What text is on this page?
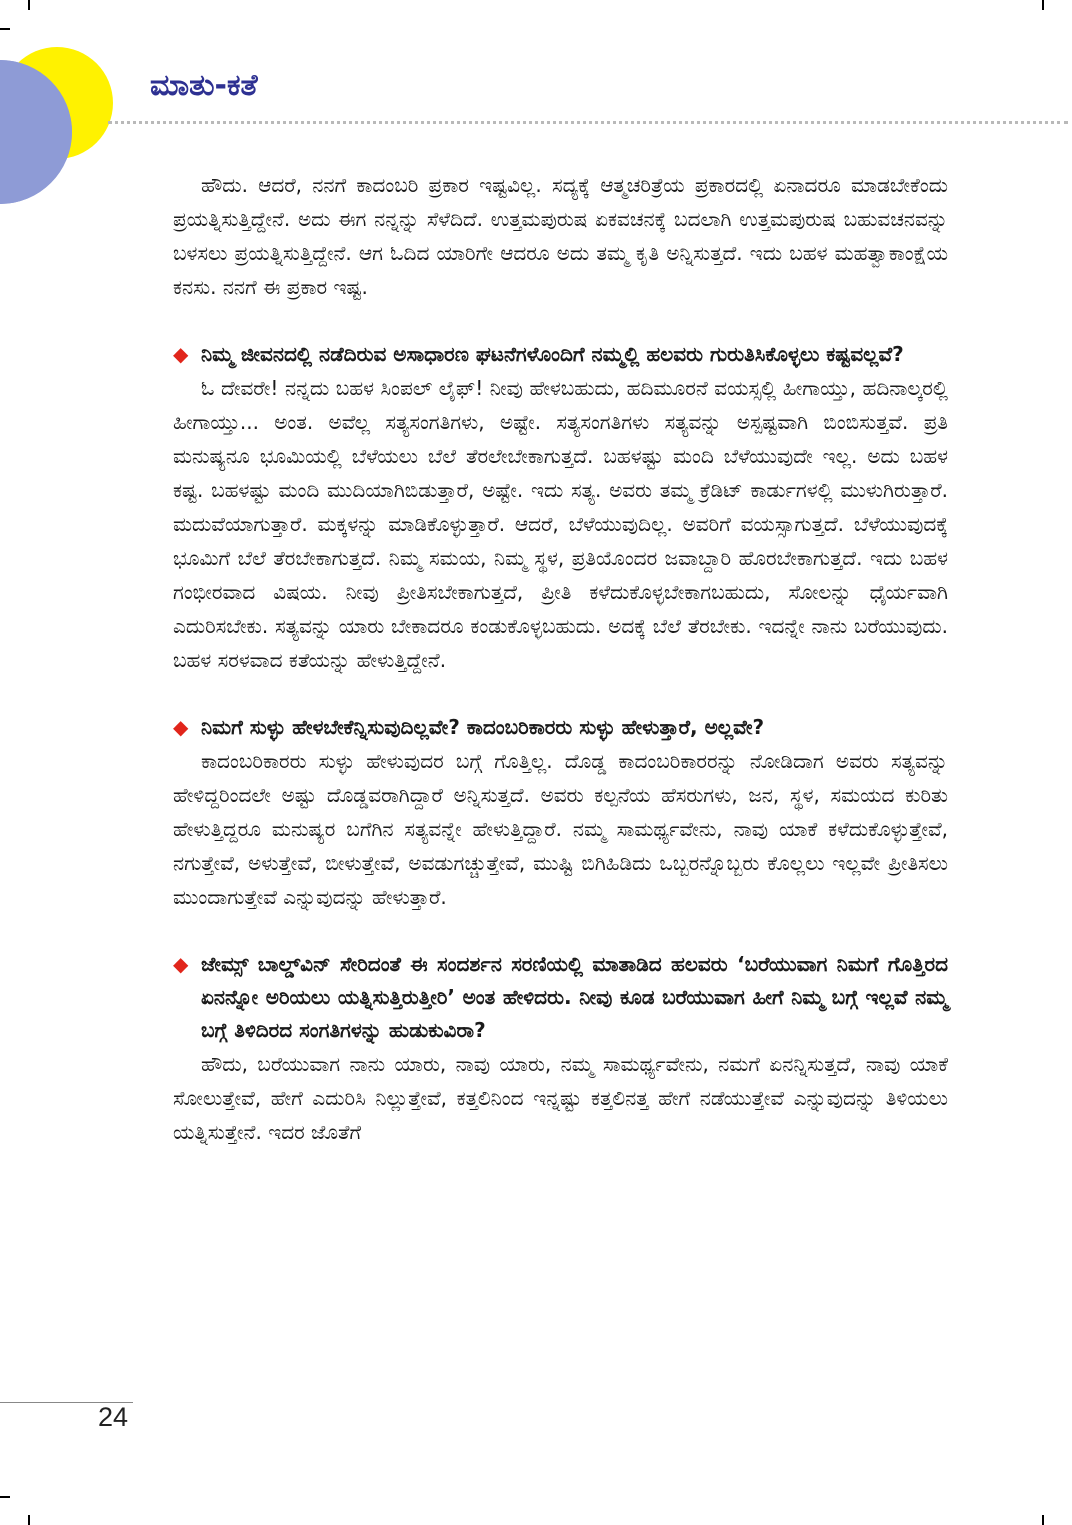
ಮಾತು-ಕತೆ

ಹೌದು. ಆದರೆ, ನನಗೆ ಕಾದಂಬರಿ ಪ್ರಕಾರ ಇಷ್ಟವಿಲ್ಲ. ಸದ್ಯಕ್ಕೆ ಆತ್ಮಚರಿತ್ರೆಯ ಪ್ರಕಾರದಲ್ಲಿ ಏನಾದರೂ ಮಾಡಬೇಕೆಂದು ಪ್ರಯತ್ನಿಸುತ್ತಿದ್ದೇನೆ. ಅದು ಈಗ ನನ್ನನ್ನು ಸೆಳೆದಿದೆ. ಉತ್ತಮಪುರುಷ ಏಕವಚನಕ್ಕೆ ಬದಲಾಗಿ ಉತ್ತಮಪುರುಷ ಬಹುವಚನವನ್ನು ಬಳಸಲು ಪ್ರಯತ್ನಿಸುತ್ತಿದ್ದೇನೆ. ಆಗ ಓದಿದ ಯಾರಿಗೇ ಆದರೂ ಅದು ತಮ್ಮ ಕೃತಿ ಅನ್ನಿಸುತ್ತದೆ. ಇದು ಬಹಳ ಮಹತ್ವಾಕಾಂಕ್ಷೆಯ ಕನಸು. ನನಗೆ ಈ ಪ್ರಕಾರ ಇಷ್ಟ.

◆ ನಿಮ್ಮ ಜೀವನದಲ್ಲಿ ನಡೆದಿರುವ ಅಸಾಧಾರಣ ಘಟನೆಗಳೊಂದಿಗೆ ನಮ್ಮಲ್ಲಿ ಹಲವರು ಗುರುತಿಸಿಕೊಳ್ಳಲು ಕಷ್ಟವಲ್ಲವೆ?

ಓ ದೇವರೇ! ನನ್ನದು ಬಹಳ ಸಿಂಪಲ್ ಲೈಫ್! ನೀವು ಹೇಳಬಹುದು, ಹದಿಮೂರನೆ ವಯಸ್ಸಲ್ಲಿ ಹೀಗಾಯ್ತು, ಹದಿನಾಲ್ಕರಲ್ಲಿ ಹೀಗಾಯ್ತು... ಅಂತ. ಅವೆಲ್ಲ ಸತ್ಯಸಂಗತಿಗಳು, ಅಷ್ಟೇ. ಸತ್ಯಸಂಗತಿಗಳು ಸತ್ಯವನ್ನು ಅಸ್ಪಷ್ಟವಾಗಿ ಬಿಂಬಿಸುತ್ತವೆ. ಪ್ರತಿ ಮನುಷ್ಯನೂ ಭೂಮಿಯಲ್ಲಿ ಬೆಳೆಯಲು ಬೆಲೆ ತೆರಲೇಬೇಕಾಗುತ್ತದೆ. ಬಹಳಷ್ಟು ಮಂದಿ ಬೆಳೆಯುವುದೇ ಇಲ್ಲ. ಅದು ಬಹಳ ಕಷ್ಟ. ಬಹಳಷ್ಟು ಮಂದಿ ಮುದಿಯಾಗಿಬಿಡುತ್ತಾರೆ, ಅಷ್ಟೇ. ಇದು ಸತ್ಯ. ಅವರು ತಮ್ಮ ಕ್ರೆಡಿಟ್ ಕಾರ್ಡುಗಳಲ್ಲಿ ಮುಳುಗಿರುತ್ತಾರೆ. ಮದುವೆಯಾಗುತ್ತಾರೆ. ಮಕ್ಕಳನ್ನು ಮಾಡಿಕೊಳ್ಳುತ್ತಾರೆ. ಆದರೆ, ಬೆಳೆಯುವುದಿಲ್ಲ. ಅವರಿಗೆ ವಯಸ್ಸಾಗುತ್ತದೆ. ಬೆಳೆಯುವುದಕ್ಕೆ ಭೂಮಿಗೆ ಬೆಲೆ ತೆರಬೇಕಾಗುತ್ತದೆ. ನಿಮ್ಮ ಸಮಯ, ನಿಮ್ಮ ಸ್ಥಳ, ಪ್ರತಿಯೊಂದರ ಜವಾಬ್ದಾರಿ ಹೊರಬೇಕಾಗುತ್ತದೆ. ಇದು ಬಹಳ ಗಂಭೀರವಾದ ವಿಷಯ. ನೀವು ಪ್ರೀತಿಸಬೇಕಾಗುತ್ತದೆ, ಪ್ರೀತಿ ಕಳೆದುಕೊಳ್ಳಬೇಕಾಗಬಹುದು, ಸೋಲನ್ನು ಧೈರ್ಯವಾಗಿ ಎದುರಿಸಬೇಕು. ಸತ್ಯವನ್ನು ಯಾರು ಬೇಕಾದರೂ ಕಂಡುಕೊಳ್ಳಬಹುದು. ಅದಕ್ಕೆ ಬೆಲೆ ತೆರಬೇಕು. ಇದನ್ನೇ ನಾನು ಬರೆಯುವುದು. ಬಹಳ ಸರಳವಾದ ಕತೆಯನ್ನು ಹೇಳುತ್ತಿದ್ದೇನೆ.

◆ ನಿಮಗೆ ಸುಳ್ಳು ಹೇಳಬೇಕೆನ್ನಿಸುವುದಿಲ್ಲವೇ? ಕಾದಂಬರಿಕಾರರು ಸುಳ್ಳು ಹೇಳುತ್ತಾರೆ, ಅಲ್ಲವೇ?

ಕಾದಂಬರಿಕಾರರು ಸುಳ್ಳು ಹೇಳುವುದರ ಬಗ್ಗೆ ಗೊತ್ತಿಲ್ಲ. ದೊಡ್ಡ ಕಾದಂಬರಿಕಾರರನ್ನು ನೋಡಿದಾಗ ಅವರು ಸತ್ಯವನ್ನು ಹೇಳಿದ್ದರಿಂದಲೇ ಅಷ್ಟು ದೊಡ್ಡವರಾಗಿದ್ದಾರೆ ಅನ್ನಿಸುತ್ತದೆ. ಅವರು ಕಲ್ಪನೆಯ ಹೆಸರುಗಳು, ಜನ, ಸ್ಥಳ, ಸಮಯದ ಕುರಿತು ಹೇಳುತ್ತಿದ್ದರೂ ಮನುಷ್ಯರ ಬಗೆಗಿನ ಸತ್ಯವನ್ನೇ ಹೇಳುತ್ತಿದ್ದಾರೆ. ನಮ್ಮ ಸಾಮರ್ಥ್ಯವೇನು, ನಾವು ಯಾಕೆ ಕಳೆದುಕೊಳ್ಳುತ್ತೇವೆ, ನಗುತ್ತೇವೆ, ಅಳುತ್ತೇವೆ, ಬೀಳುತ್ತೇವೆ, ಅವಡುಗಚ್ಚುತ್ತೇವೆ, ಮುಷ್ಟಿ ಬಿಗಿಹಿಡಿದು ಒಬ್ಬರನ್ನೊಬ್ಬರು ಕೊಲ್ಲಲು ಇಲ್ಲವೇ ಪ್ರೀತಿಸಲು ಮುಂದಾಗುತ್ತೇವೆ ಎನ್ನುವುದನ್ನು ಹೇಳುತ್ತಾರೆ.

◆ ಜೇಮ್ಸ್ ಬಾಲ್ಡ್‌ವಿನ್ ಸೇರಿದಂತೆ ಈ ಸಂದರ್ಶನ ಸರಣಿಯಲ್ಲಿ ಮಾತಾಡಿದ ಹಲವರು ‘ಬರೆಯುವಾಗ ನಿಮಗೆ ಗೊತ್ತಿರದ ಏನನ್ನೋ ಅರಿಯಲು ಯತ್ನಿಸುತ್ತಿರುತ್ತೀರಿ’ ಅಂತ ಹೇಳಿದರು. ನೀವು ಕೂಡ ಬರೆಯುವಾಗ ಹೀಗೆ ನಿಮ್ಮ ಬಗ್ಗೆ ಇಲ್ಲವೆ ನಮ್ಮ ಬಗ್ಗೆ ತಿಳಿದಿರದ ಸಂಗತಿಗಳನ್ನು ಹುಡುಕುವಿರಾ?

ಹೌದು, ಬರೆಯುವಾಗ ನಾನು ಯಾರು, ನಾವು ಯಾರು, ನಮ್ಮ ಸಾಮರ್ಥ್ಯವೇನು, ನಮಗೆ ಏನನ್ನಿಸುತ್ತದೆ, ನಾವು ಯಾಕೆ ಸೋಲುತ್ತೇವೆ, ಹೇಗೆ ಎದುರಿಸಿ ನಿಲ್ಲುತ್ತೇವೆ, ಕತ್ತಲಿನಿಂದ ಇನ್ನಷ್ಟು ಕತ್ತಲಿನತ್ತ ಹೇಗೆ ನಡೆಯುತ್ತೇವೆ ಎನ್ನುವುದನ್ನು ತಿಳಿಯಲು ಯತ್ನಿಸುತ್ತೇನೆ. ಇದರ ಜೊತೆಗೆ

24
